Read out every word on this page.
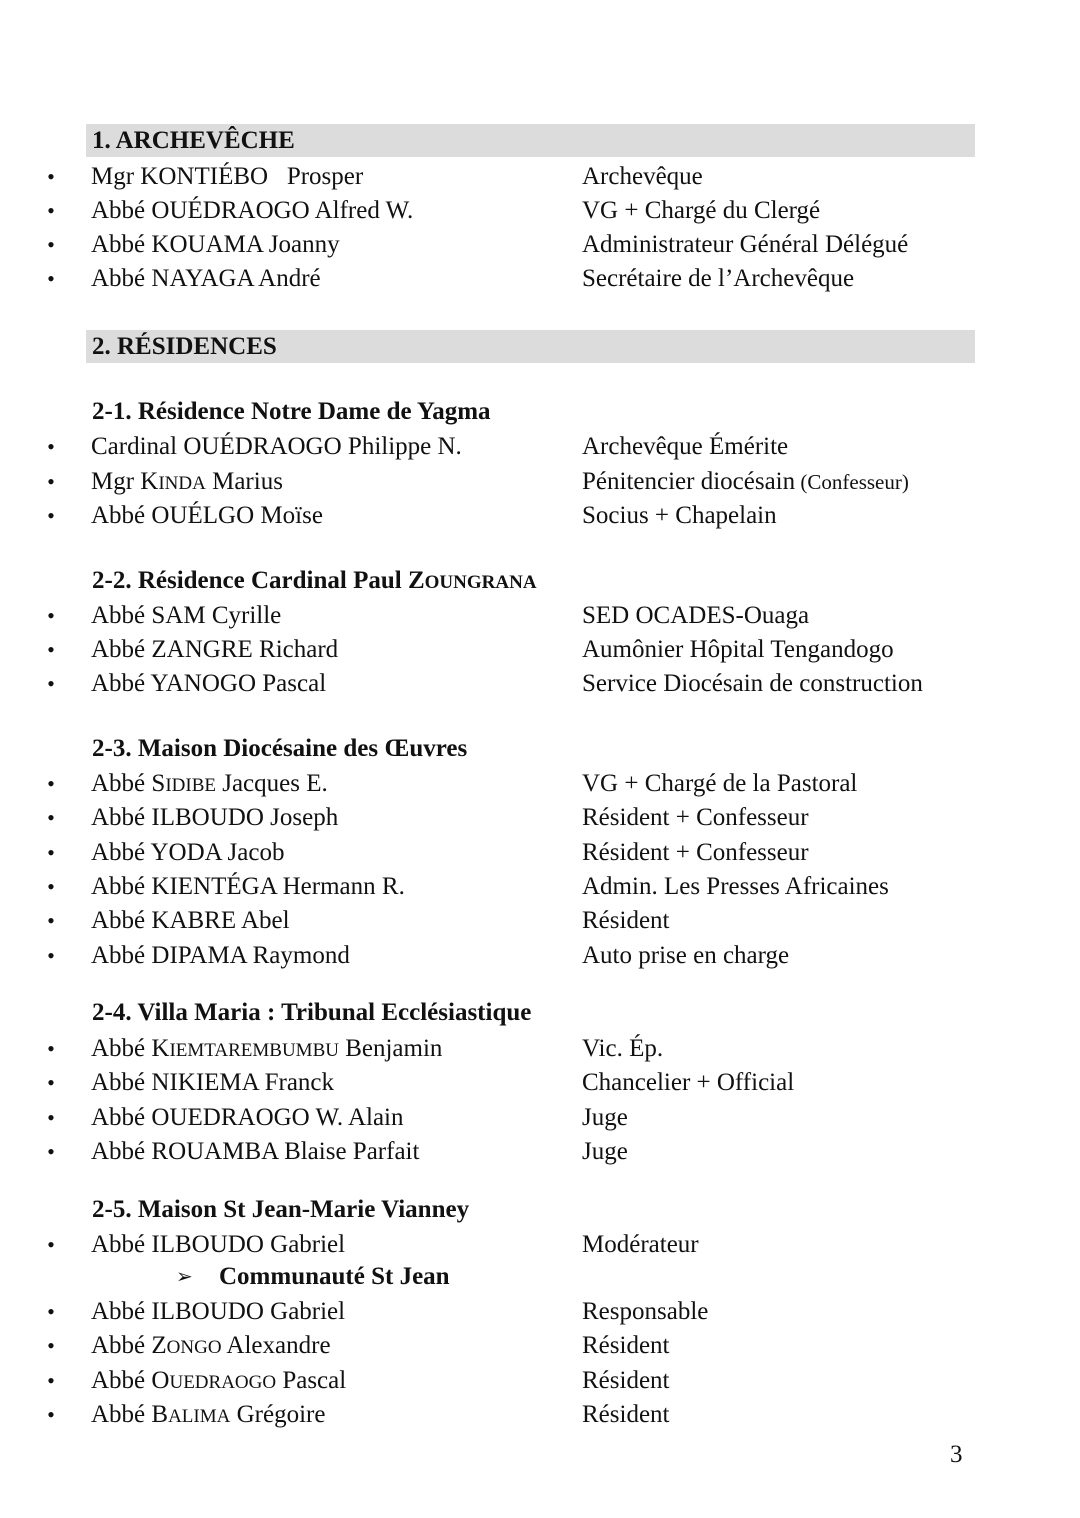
1. ARCHEVÊCHE
• Mgr KONTIÉBO   Prosper	Archevêque
• Abbé OUÉDRAOGO Alfred W.	VG + Chargé du Clergé
• Abbé KOUAMA Joanny	Administrateur Général Délégué
• Abbé NAYAGA André	Secrétaire de l’Archevêque
2. RÉSIDENCES
2-1. Résidence Notre Dame de Yagma
• Cardinal OUÉDRAOGO Philippe N.	Archevêque Émérite
• Mgr KINDA Marius	Pénitencier diocésain (Confesseur)
• Abbé OUÉLGO Moïse	Socius + Chapelain
2-2. Résidence Cardinal Paul ZOUNGRANA
• Abbé SAM Cyrille	SED OCADES-Ouaga
• Abbé ZANGRE Richard	Aumônier Hôpital Tengandogo
• Abbé YANOGO Pascal	Service Diocésain de construction
2-3. Maison Diocésaine des Œuvres
• Abbé SIDIBE Jacques E.	VG + Chargé de la Pastoral
• Abbé ILBOUDO Joseph	Résident + Confesseur
• Abbé YODA Jacob	Résident + Confesseur
• Abbé KIENTÉGA Hermann R.	Admin. Les Presses Africaines
• Abbé KABRE Abel	Résident
• Abbé DIPAMA Raymond	Auto prise en charge
2-4. Villa Maria : Tribunal Ecclésiastique
• Abbé KIEMTAREMBUMBU Benjamin	Vic. Ép.
• Abbé NIKIEMA Franck	Chancelier + Official
• Abbé OUEDRAOGO W. Alain	Juge
• Abbé ROUAMBA Blaise Parfait	Juge
2-5. Maison St Jean-Marie Vianney
• Abbé ILBOUDO Gabriel	Modérateur
➢ Communauté St Jean
• Abbé ILBOUDO Gabriel	Responsable
• Abbé ZONGO Alexandre	Résident
• Abbé OUEDRAOGO Pascal	Résident
• Abbé BALIMA Grégoire	Résident
3
